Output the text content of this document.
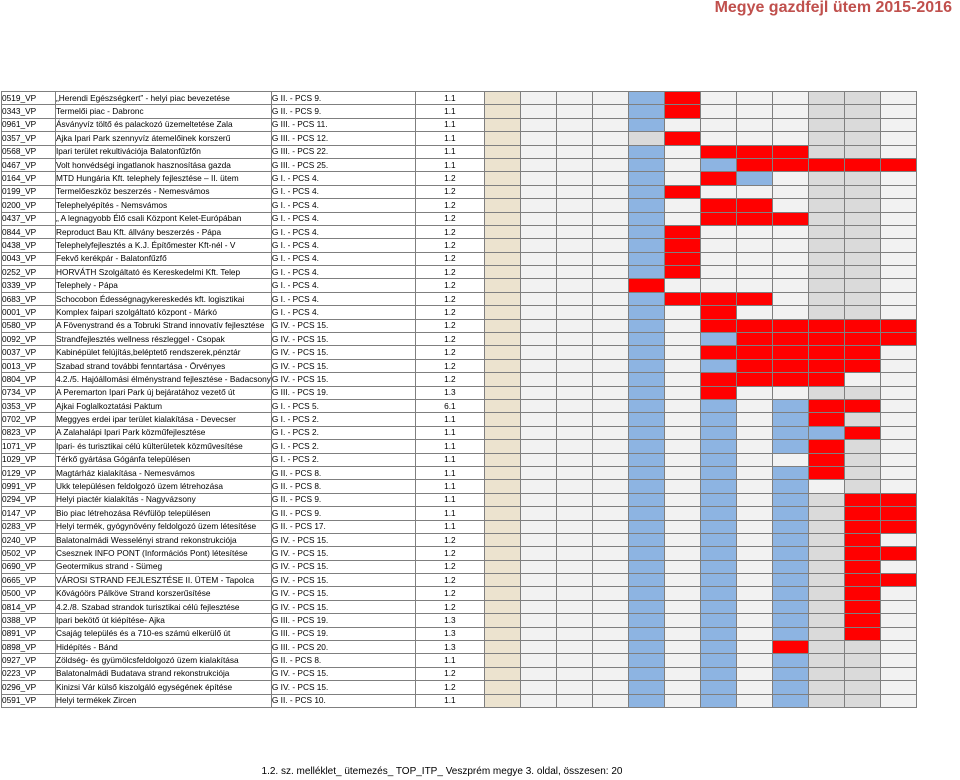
Megye gazdfejl ütem 2015-2016
0519_VP	„Herendi Egészségkert” - helyi piac bevezetése	G II. - PCS 9.	1.1												
0343_VP	Termelői piac - Dabronc	G II. - PCS 9.	1.1												
0961_VP	Ásványvíz töltő és palackozó üzemeltetése Zala	G III. - PCS 11.	1.1												
0357_VP	Ajka Ipari Park szennyvíz átemelőinek korszerű	G III. - PCS 12.	1.1												
0568_VP	Ipari terület rekultivációja Balatonfűzfőn	G III. - PCS 22.	1.1												
0467_VP	Volt honvédségi ingatlanok hasznosítása gazda	G III. - PCS 25.	1.1												
0164_VP	MTD Hungária Kft. telephely fejlesztése – II. ütem	G I. - PCS 4.	1.2												
0199_VP	Termelőeszköz beszerzés - Nemesvámos	G I. - PCS 4.	1.2												
0200_VP	Telephelyépítés - Nemsvámos	G I. - PCS 4.	1.2												
0437_VP	„ A legnagyobb Élő csali Központ Kelet-Európában	G I. - PCS 4.	1.2												
0844_VP	Reproduct Bau Kft. állvány beszerzés - Pápa	G I. - PCS 4.	1.2												
0438_VP	Telephelyfejlesztés a K.J. Építőmester Kft-nél - V	G I. - PCS 4.	1.2												
0043_VP	Fekvő kerékpár - Balatonfűzfő	G I. - PCS 4.	1.2												
0252_VP	HORVÁTH Szolgáltató és Kereskedelmi Kft. Telep	G I. - PCS 4.	1.2												
0339_VP	Telephely - Pápa	G I. - PCS 4.	1.2												
0683_VP	Schocobon Édességnagykereskedés kft. logisztikai	G I. - PCS 4.	1.2												
0001_VP	Komplex faipari szolgáltató központ - Márkó	G I. - PCS 4.	1.2												
0580_VP	A Fövenystrand és a Tobruki Strand innovatív fejlesztése	G IV. - PCS 15.	1.2												
0092_VP	Strandfejlesztés wellness részleggel - Csopak	G IV. - PCS 15.	1.2												
0037_VP	Kabinépület felújítás,beléptető rendszerek,pénztár	G IV. - PCS 15.	1.2												
0013_VP	Szabad strand további fenntartása - Örvényes	G IV. - PCS 15.	1.2												
0804_VP	4.2./5. Hajóállomási élménystrand fejlesztése - Badacsony	G IV. - PCS 15.	1.2												
0734_VP	A Peremarton Ipari Park új bejáratához vezető út	G III. - PCS 19.	1.3												
0353_VP	Ajkai Foglalkoztatási Paktum	G I. - PCS 5.	6.1												
0702_VP	Meggyes erdei ipar terület kialakítása - Devecser	G I. - PCS 2.	1.1												
0823_VP	A Zalahalápi Ipari Park közműfejlesztése	G I. - PCS 2.	1.1												
1071_VP	Ipari- és turisztikai célú külterületek közművesítése	G I. - PCS 2.	1.1												
1029_VP	Térkő gyártása Gógánfa településen	G I. - PCS 2.	1.1												
0129_VP	Magtárház kialakítása - Nemesvámos	G II. - PCS 8.	1.1												
0991_VP	Ukk településen feldolgozó üzem létrehozása	G II. - PCS 8.	1.1												
0294_VP	Helyi piactér kialakítás - Nagyvázsony	G II. - PCS 9.	1.1												
0147_VP	Bio piac létrehozása Révfülöp településen	G II. - PCS 9.	1.1												
0283_VP	Helyi termék, gyógynövény feldolgozó üzem létesítése	G II. - PCS 17.	1.1												
0240_VP	Balatonalmádi Wesselényi strand rekonstrukciója	G IV. - PCS 15.	1.2												
0502_VP	Csesznek INFO PONT (Információs Pont) létesítése	G IV. - PCS 15.	1.2												
0690_VP	Geotermikus strand - Sümeg	G IV. - PCS 15.	1.2												
0665_VP	VÁROSI STRAND FEJLESZTÉSE II. ÜTEM - Tapolca	G IV. - PCS 15.	1.2												
0500_VP	Kővágóörs Pálköve Strand korszerűsítése	G IV. - PCS 15.	1.2												
0814_VP	4.2./8. Szabad strandok turisztikai célú fejlesztése	G IV. - PCS 15.	1.2												
0388_VP	Ipari bekötő út kiépítése- Ajka	G III. - PCS 19.	1.3												
0891_VP	Csajág település és a 710-es számú elkerülő út	G III. - PCS 19.	1.3												
0898_VP	Hidépítés - Bánd	G III. - PCS 20.	1.3												
0927_VP	Zöldség- és gyümölcsfeldolgozó üzem kialakítása	G II. - PCS 8.	1.1												
0223_VP	Balatonalmádi Budatava strand rekonstrukciója	G IV. - PCS 15.	1.2												
0296_VP	Kinizsi Vár külső kiszolgáló egységének építése	G IV. - PCS 15.	1.2												
0591_VP	Helyi termékek Zircen	G II. - PCS 10.	1.1												
1.2. sz. melléklet_ ütemezés_ TOP_ITP_ Veszprém megye 3. oldal, összesen: 20
